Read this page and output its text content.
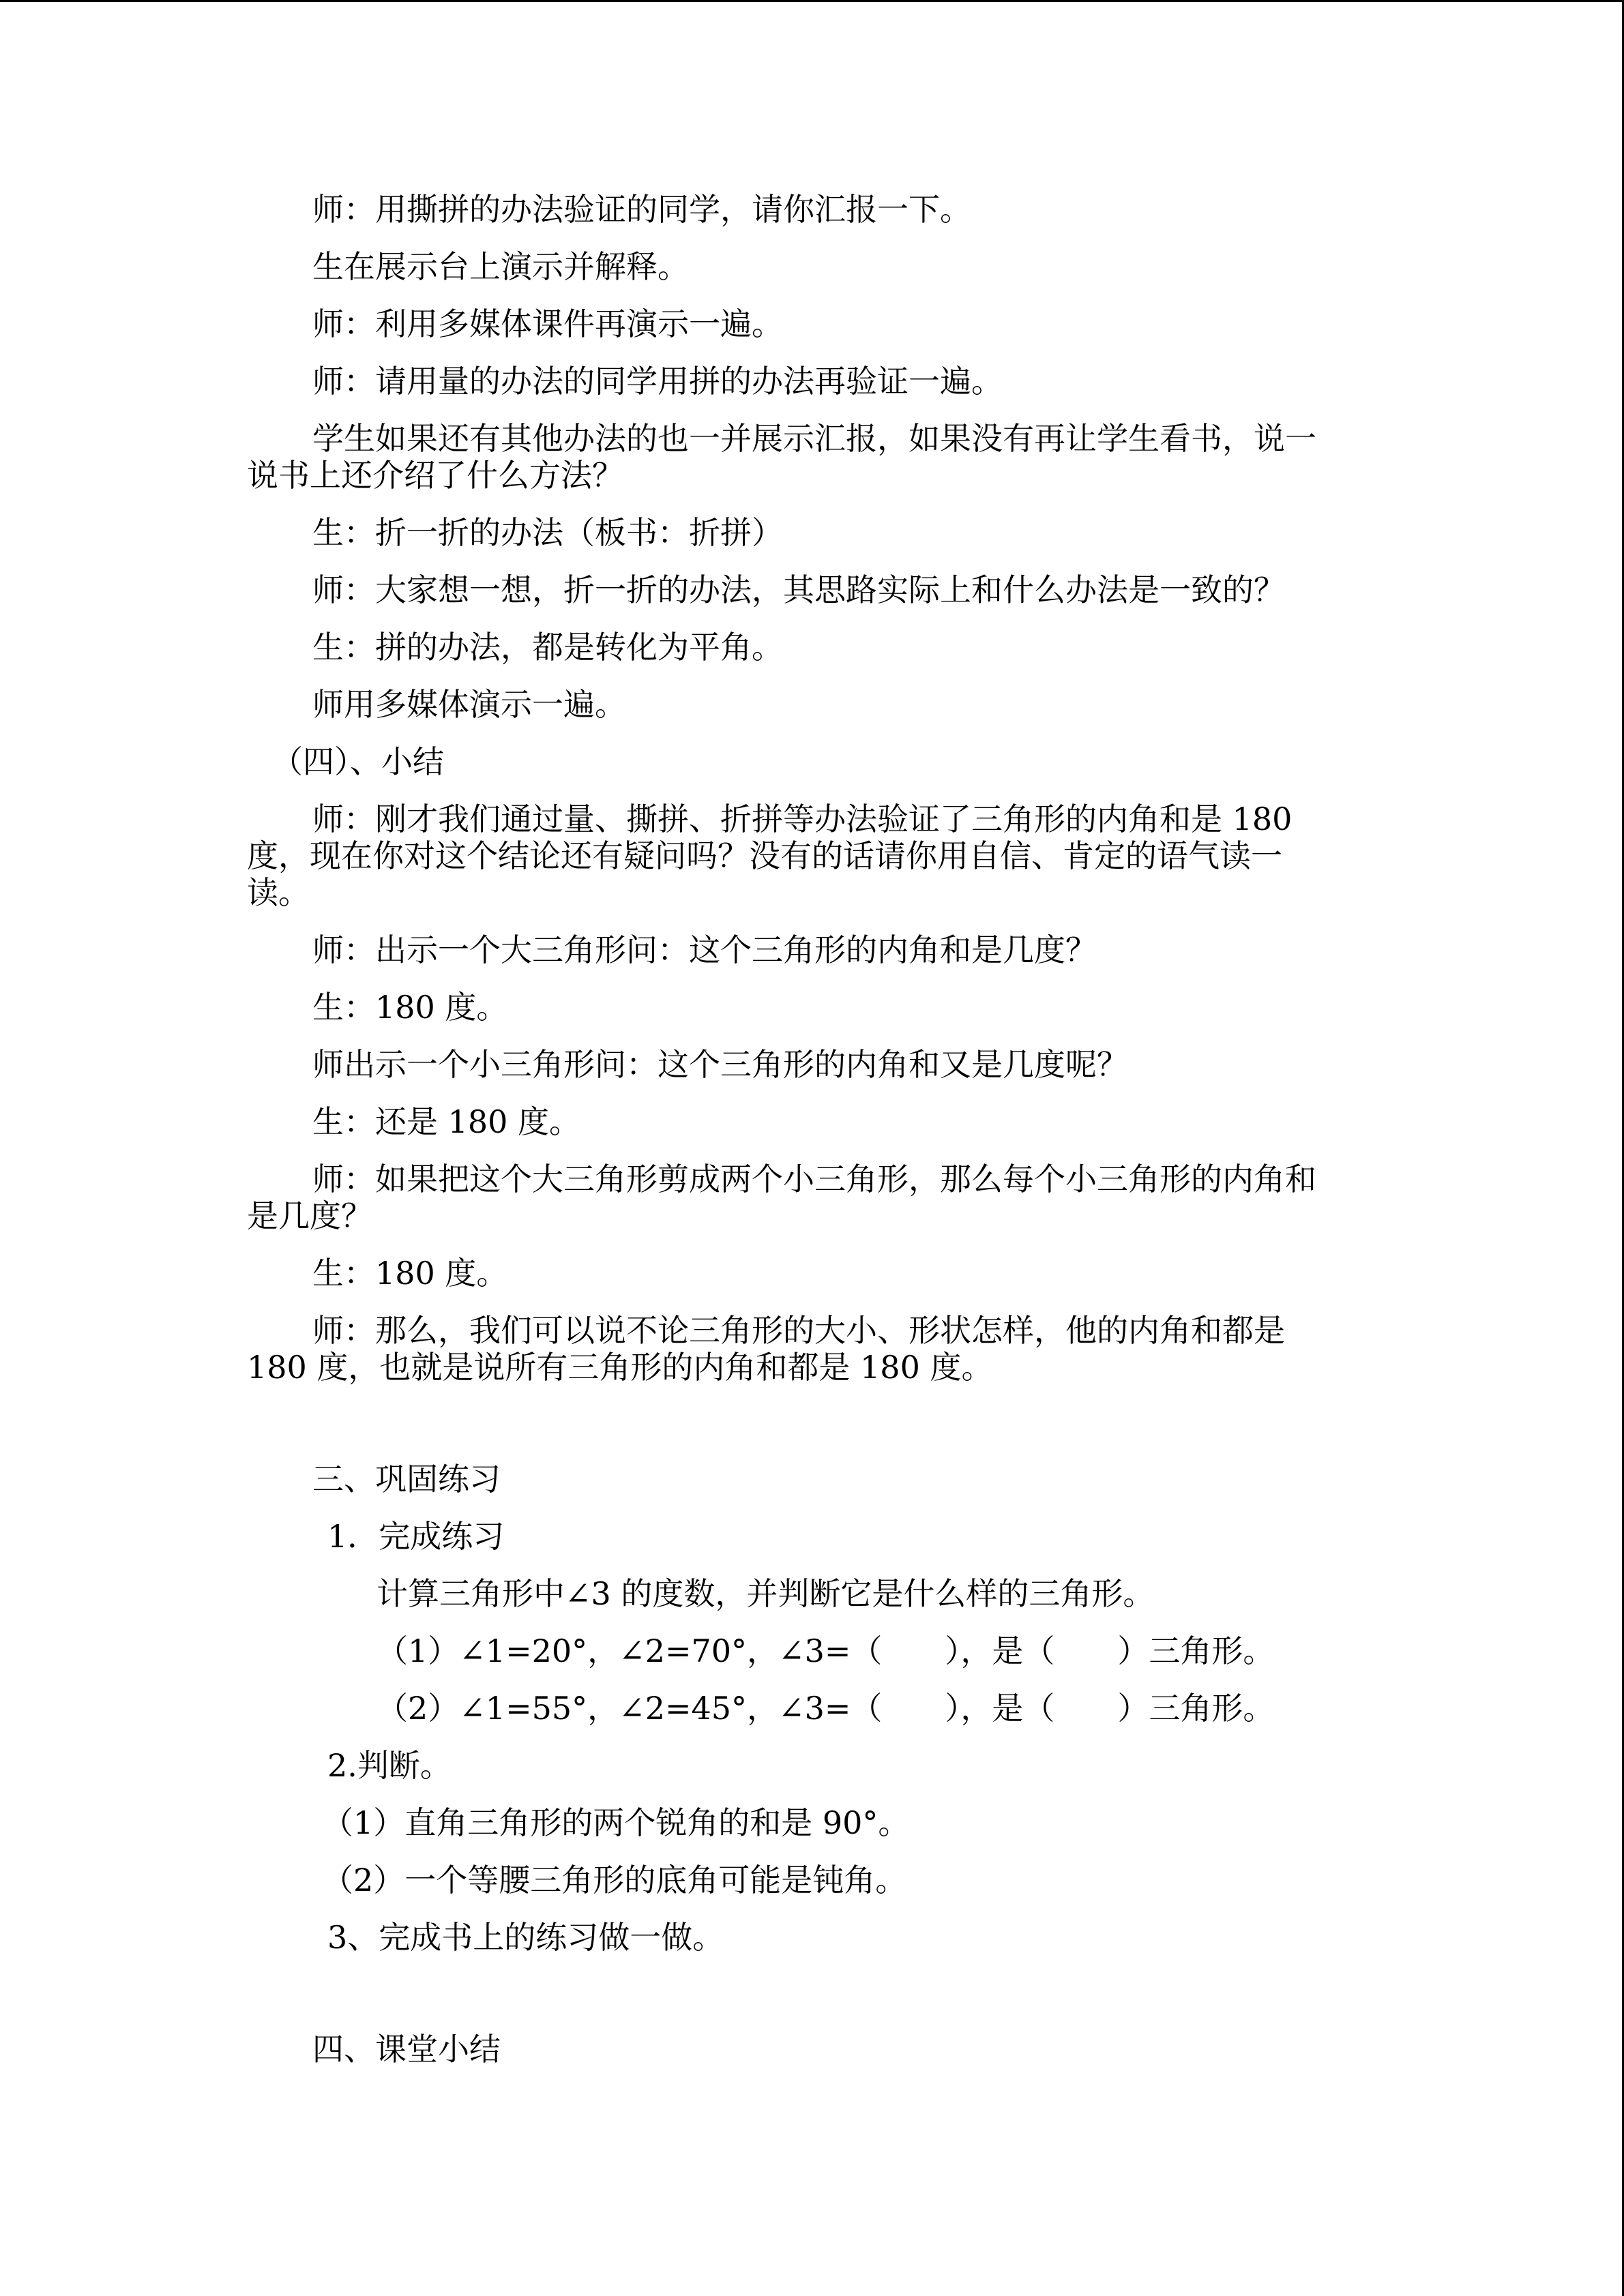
师：用撕拼的办法验证的同学，请你汇报一下。

生在展示台上演示并解释。

师：利用多媒体课件再演示一遍。

师：请用量的办法的同学用拼的办法再验证一遍。

学生如果还有其他办法的也一并展示汇报，如果没有再让学生看书，说一说书上还介绍了什么方法？

生：折一折的办法（板书：折拼）

师：大家想一想，折一折的办法，其思路实际上和什么办法是一致的？

生：拼的办法，都是转化为平角。

师用多媒体演示一遍。

（四）、小结

师：刚才我们通过量、撕拼、折拼等办法验证了三角形的内角和是 180 度，现在你对这个结论还有疑问吗？没有的话请你用自信、肯定的语气读一读。

师：出示一个大三角形问：这个三角形的内角和是几度？

生：180 度。

师出示一个小三角形问：这个三角形的内角和又是几度呢？

生：还是 180 度。

师：如果把这个大三角形剪成两个小三角形，那么每个小三角形的内角和是几度？

生：180 度。

师：那么，我们可以说不论三角形的大小、形状怎样，他的内角和都是 180 度，也就是说所有三角形的内角和都是 180 度。

三、巩固练习

1．完成练习

计算三角形中∠3 的度数，并判断它是什么样的三角形。

（1）∠1=20°，∠2=70°，∠3=（　　），是（　　）三角形。

（2）∠1=55°，∠2=45°，∠3=（　　），是（　　）三角形。

2.判断。

（1）直角三角形的两个锐角的和是 90°。

（2）一个等腰三角形的底角可能是钝角。

3、完成书上的练习做一做。

四、课堂小结
